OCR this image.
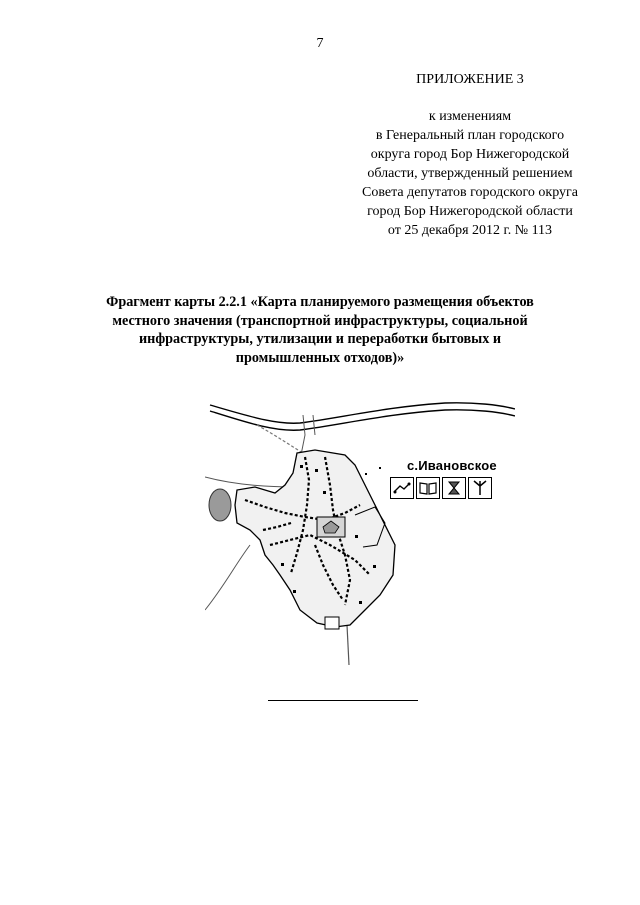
7
ПРИЛОЖЕНИЕ 3
к изменениям
в Генеральный план городского
округа город Бор Нижегородской
области, утвержденный решением
Совета депутатов городского округа
город Бор Нижегородской области
от 25 декабря 2012 г. № 113
Фрагмент карты 2.2.1 «Карта планируемого размещения объектов местного значения (транспортной инфраструктуры, социальной инфраструктуры, утилизации и переработки бытовых и промышленных отходов)»
с.Ивановское
